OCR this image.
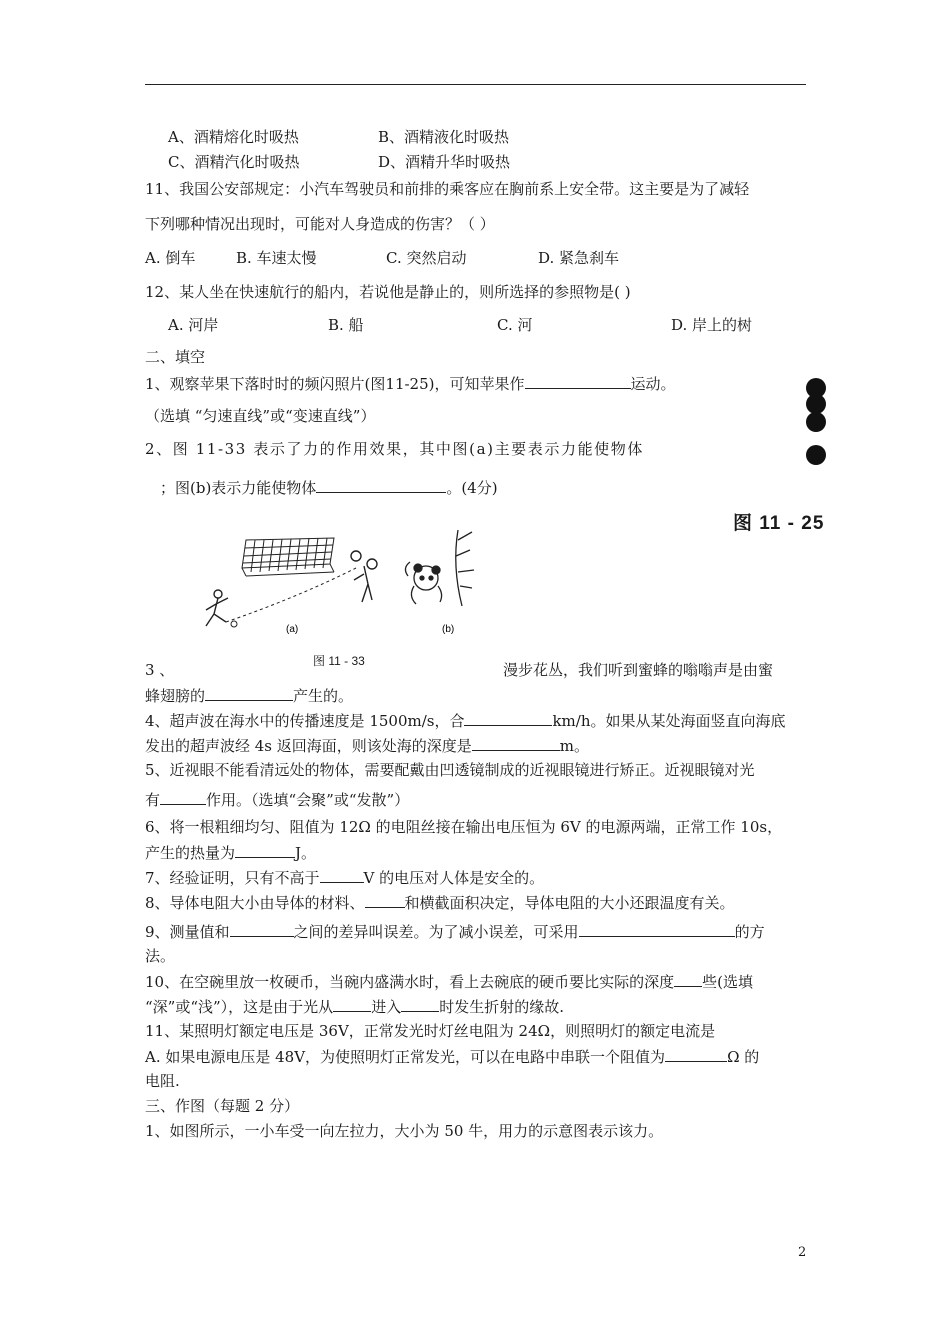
A、酒精熔化时吸热	B、酒精液化时吸热
C、酒精汽化时吸热	D、酒精升华时吸热
11、我国公安部规定：小汽车驾驶员和前排的乘客应在胸前系上安全带。这主要是为了减轻
下列哪种情况出现时，可能对人身造成的伤害？（ ）
A. 倒车	B. 车速太慢	C. 突然启动	D. 紧急刹车
12、某人坐在快速航行的船内，若说他是静止的，则所选择的参照物是( )
A. 河岸	B. 船	C. 河	D. 岸上的树
二、填空
1、观察苹果下落时时的频闪照片(图11-25)，可知苹果作	运动。
（选填 “匀速直线”或“变速直线”）
2、图 11-33 表示了力的作用效果，其中图(a)主要表示力能使物体
；图(b)表示力能使物体	。(4分)
图 11 - 25
(a)	(b)
图 11 - 33
3 、	漫步花丛，我们听到蜜蜂的嗡嗡声是由蜜
蜂翅膀的	产生的。
4、超声波在海水中的传播速度是 1500m/s，合	km/h。如果从某处海面竖直向海底
发出的超声波经 4s 返回海面，则该处海的深度是	m。
5、近视眼不能看清远处的物体，需要配戴由凹透镜制成的近视眼镜进行矫正。近视眼镜对光
有	作用。（选填“会聚”或“发散”）
6、将一根粗细均匀、阻值为 12Ω 的电阻丝接在输出电压恒为 6V 的电源两端，正常工作 10s，
产生的热量为	J。
7、经验证明，只有不高于	V 的电压对人体是安全的。
8、导体电阻大小由导体的材料、	和横截面积决定，导体电阻的大小还跟温度有关。
9、测量值和	之间的差异叫误差。为了减小误差，可采用	的方
法。
10、在空碗里放一枚硬币，当碗内盛满水时，看上去碗底的硬币要比实际的深度 些(选填
“深”或“浅”），这是由于光从	进入	时发生折射的缘故.
11、某照明灯额定电压是 36V，正常发光时灯丝电阻为 24Ω，则照明灯的额定电流是
A. 如果电源电压是 48V，为使照明灯正常发光，可以在电路中串联一个阻值为	Ω 的
电阻.
三、作图（每题 2 分）
1、如图所示，一小车受一向左拉力，大小为 50 牛，用力的示意图表示该力。
2
